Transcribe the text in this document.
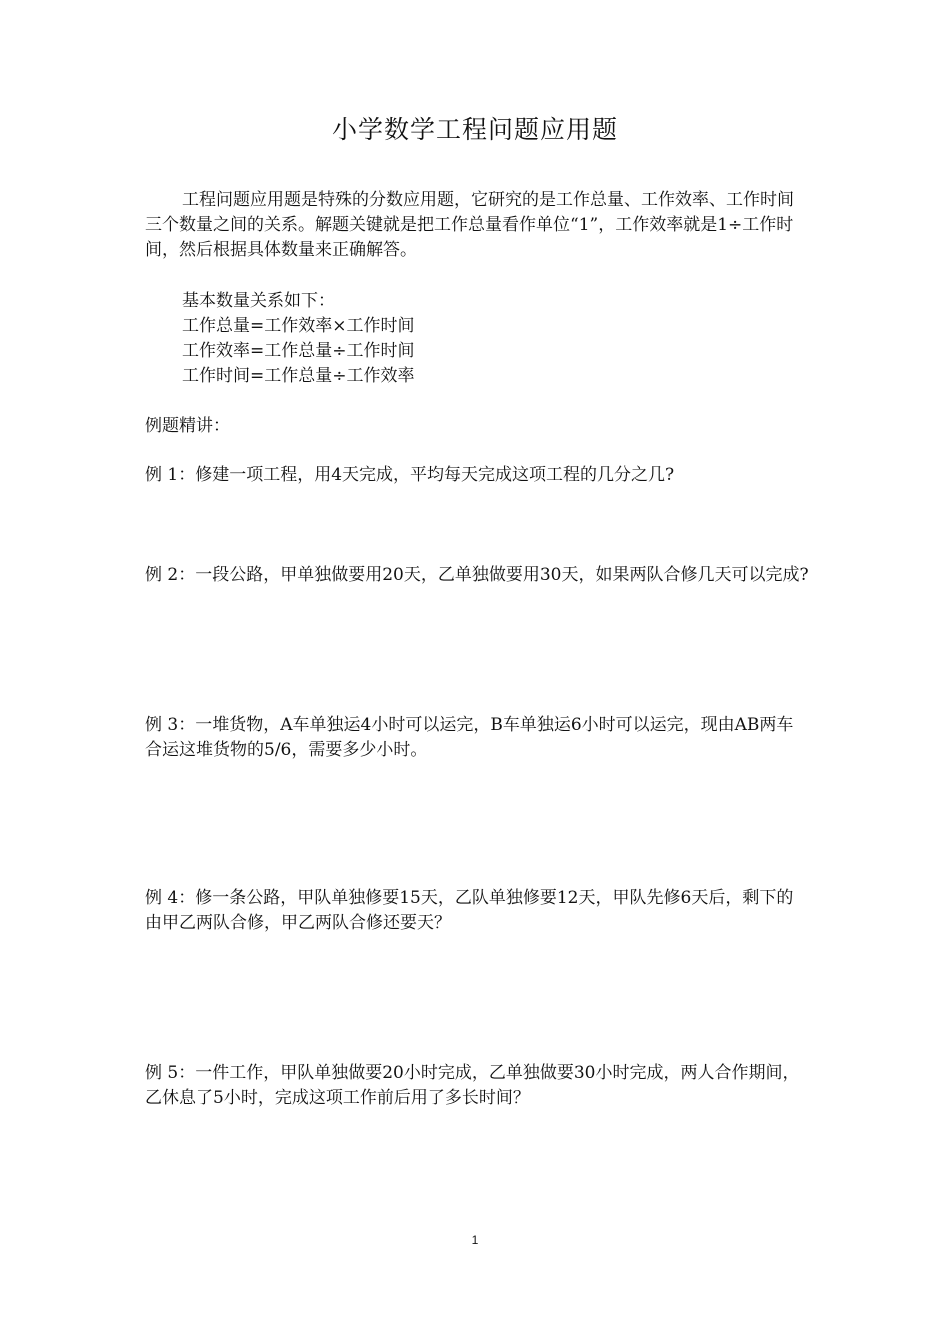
小学数学工程问题应用题

工程问题应用题是特殊的分数应用题，它研究的是工作总量、工作效率、工作时间三个数量之间的关系。解题关键就是把工作总量看作单位“1”，工作效率就是1÷工作时间，然后根据具体数量来正确解答。

基本数量关系如下：

工作总量=工作效率×工作时间

工作效率=工作总量÷工作时间

工作时间=工作总量÷工作效率

例题精讲：

例 1：修建一项工程，用4天完成，平均每天完成这项工程的几分之几?

例 2：一段公路，甲单独做要用20天，乙单独做要用30天，如果两队合修几天可以完成?

例 3：一堆货物，A车单独运4小时可以运完，B车单独运6小时可以运完，现由AB两车合运这堆货物的5/6，需要多少小时。

例 4：修一条公路，甲队单独修要15天，乙队单独修要12天，甲队先修6天后，剩下的由甲乙两队合修，甲乙两队合修还要天？

例 5：一件工作，甲队单独做要20小时完成，乙单独做要30小时完成，两人合作期间，乙休息了5小时，完成这项工作前后用了多长时间？

1
